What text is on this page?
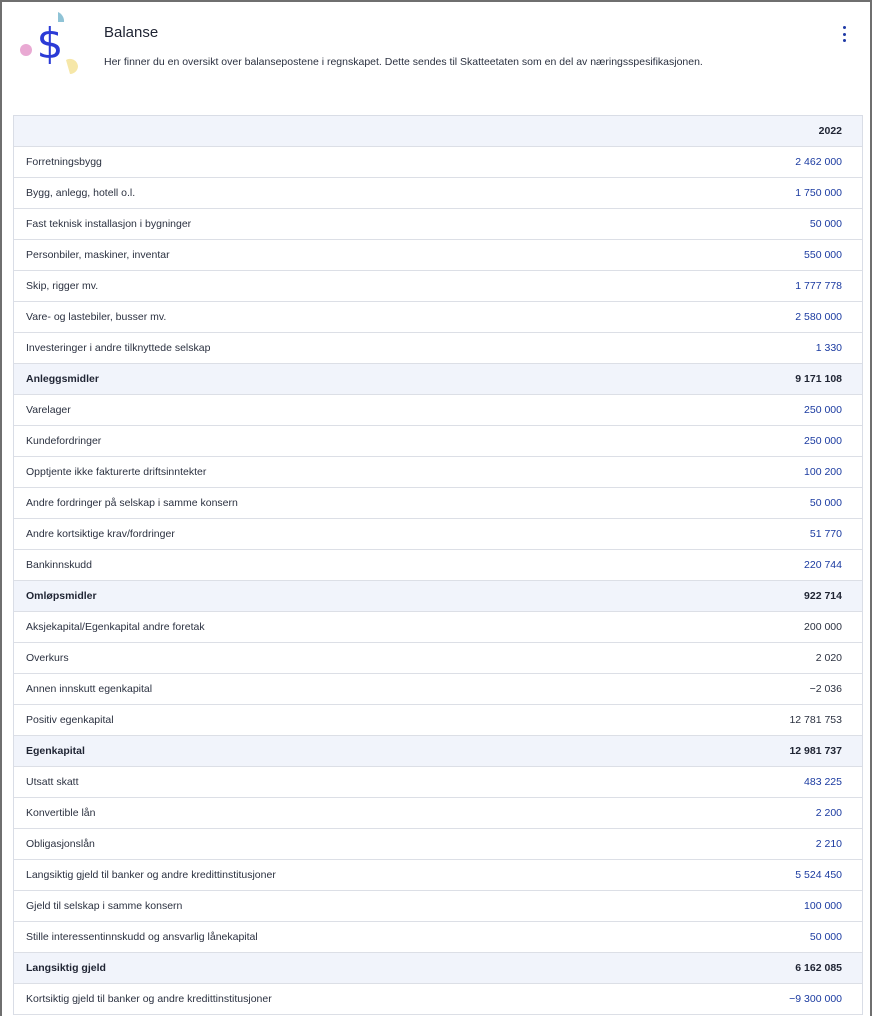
$	Balanse
Her finner du en oversikt over balansepostene i regnskapet. Dette sendes til Skatteetaten som en del av næringsspesifikasjonen.
2022
Forretningsbygg	2 462 000
Bygg, anlegg, hotell o.l.	1 750 000
Fast teknisk installasjon i bygninger	50 000
Personbiler, maskiner, inventar	550 000
Skip, rigger mv.	1 777 778
Vare- og lastebiler, busser mv.	2 580 000
Investeringer i andre tilknyttede selskap	1 330
Anleggsmidler	9 171 108
Varelager	250 000
Kundefordringer	250 000
Opptjente ikke fakturerte driftsinntekter	100 200
Andre fordringer på selskap i samme konsern	50 000
Andre kortsiktige krav/fordringer	51 770
Bankinnskudd	220 744
Omløpsmidler	922 714
Aksjekapital/Egenkapital andre foretak	200 000
Overkurs	2 020
Annen innskutt egenkapital	−2 036
Positiv egenkapital	12 781 753
Egenkapital	12 981 737
Utsatt skatt	483 225
Konvertible lån	2 200
Obligasjonslån	2 210
Langsiktig gjeld til banker og andre kredittinstitusjoner	5 524 450
Gjeld til selskap i samme konsern	100 000
Stille interessentinnskudd og ansvarlig lånekapital	50 000
Langsiktig gjeld	6 162 085
Kortsiktig gjeld til banker og andre kredittinstitusjoner	−9 300 000
